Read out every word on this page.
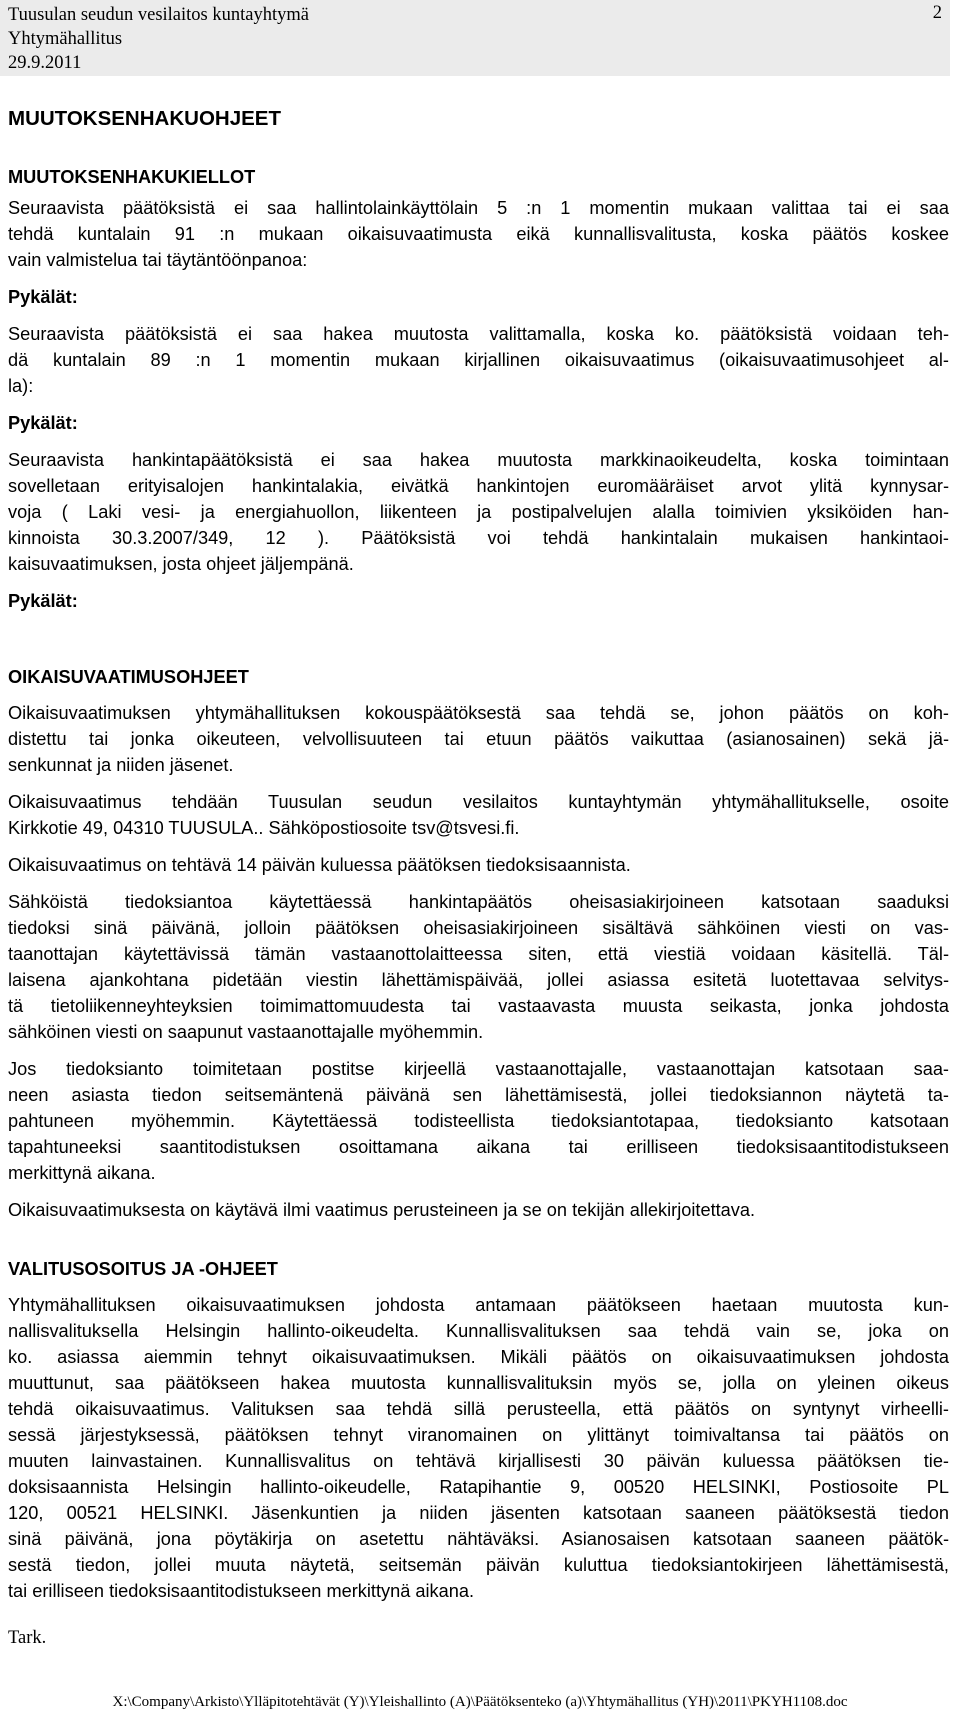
Tuusulan seudun vesilaitos kuntayhtymä
Yhtymähallitus
29.9.2011
2
MUUTOKSENHAKUOHJEET
MUUTOKSENHAKUKIELLOT
Seuraavista päätöksistä ei saa hallintolainkäyttölain 5 :n 1 momentin mukaan valittaa tai ei saa
tehdä kuntalain 91 :n mukaan oikaisuvaatimusta eikä kunnallisvalitusta, koska päätös koskee
vain valmistelua tai täytäntöönpanoa:
Pykälät:
Seuraavista päätöksistä ei saa hakea muutosta valittamalla, koska ko. päätöksistä voidaan teh-
dä kuntalain 89 :n 1 momentin mukaan kirjallinen oikaisuvaatimus (oikaisuvaatimusohjeet al-
la):
Pykälät:
Seuraavista hankintapäätöksistä ei saa hakea muutosta markkinaoikeudelta, koska toimintaan
sovelletaan erityisalojen hankintalakia, eivätkä hankintojen euromääräiset arvot ylitä kynnysar-
voja ( Laki vesi- ja energiahuollon, liikenteen ja postipalvelujen alalla toimivien yksiköiden han-
kinnoista 30.3.2007/349, 12 ). Päätöksistä voi tehdä hankintalain mukaisen hankintaoi-
kaisuvaatimuksen, josta ohjeet jäljempänä.
Pykälät:
OIKAISUVAATIMUSOHJEET
Oikaisuvaatimuksen yhtymähallituksen kokouspäätöksestä saa tehdä se, johon päätös on koh-
distettu tai jonka oikeuteen, velvollisuuteen tai etuun päätös vaikuttaa (asianosainen) sekä jä-
senkunnat ja niiden jäsenet.
Oikaisuvaatimus tehdään Tuusulan seudun vesilaitos kuntayhtymän yhtymähallitukselle, osoite
Kirkkotie 49, 04310 TUUSULA.. Sähköpostiosoite tsv@tsvesi.fi.
Oikaisuvaatimus on tehtävä 14 päivän kuluessa päätöksen tiedoksisaannista.
Sähköistä tiedoksiantoa käytettäessä hankintapäätös oheisasiakirjoineen katsotaan saaduksi
tiedoksi sinä päivänä, jolloin päätöksen oheisasiakirjoineen sisältävä sähköinen viesti on vas-
taanottajan käytettävissä tämän vastaanottolaitteessa siten, että viestiä voidaan käsitellä. Täl-
laisena ajankohtana pidetään viestin lähettämispäivää, jollei asiassa esitetä luotettavaa selvitys-
tä tietoliikenneyhteyksien toimimattomuudesta tai vastaavasta muusta seikasta, jonka johdosta
sähköinen viesti on saapunut vastaanottajalle myöhemmin.
Jos tiedoksianto toimitetaan postitse kirjeellä vastaanottajalle, vastaanottajan katsotaan saa-
neen asiasta tiedon seitsemäntenä päivänä sen lähettämisestä, jollei tiedoksiannon näytetä ta-
pahtuneen myöhemmin. Käytettäessä todisteellista tiedoksiantotapaa, tiedoksianto katsotaan
tapahtuneeksi saantitodistuksen osoittamana aikana tai erilliseen tiedoksisaantitodistukseen
merkittynä aikana.
Oikaisuvaatimuksesta on käytävä ilmi vaatimus perusteineen ja se on tekijän allekirjoitettava.
VALITUSOSOITUS JA -OHJEET
Yhtymähallituksen oikaisuvaatimuksen johdosta antamaan päätökseen haetaan muutosta kun-
nallisvalituksella Helsingin hallinto-oikeudelta. Kunnallisvalituksen saa tehdä vain se, joka on
ko. asiassa aiemmin tehnyt oikaisuvaatimuksen. Mikäli päätös on oikaisuvaatimuksen johdosta
muuttunut, saa päätökseen hakea muutosta kunnallisvalituksin myös se, jolla on yleinen oikeus
tehdä oikaisuvaatimus. Valituksen saa tehdä sillä perusteella, että päätös on syntynyt virheelli-
sessä järjestyksessä, päätöksen tehnyt viranomainen on ylittänyt toimivaltansa tai päätös on
muuten lainvastainen. Kunnallisvalitus on tehtävä kirjallisesti 30 päivän kuluessa päätöksen tie-
doksisaannista Helsingin hallinto-oikeudelle, Ratapihantie 9, 00520 HELSINKI, Postiosoite PL
120, 00521 HELSINKI. Jäsenkuntien ja niiden jäsenten katsotaan saaneen päätöksestä tiedon
sinä päivänä, jona pöytäkirja on asetettu nähtäväksi. Asianosaisen katsotaan saaneen päätök-
sestä tiedon, jollei muuta näytetä, seitsemän päivän kuluttua tiedoksiantokirjeen lähettämisestä,
tai erilliseen tiedoksisaantitodistukseen merkittynä aikana.
Tark.
X:\Company\Arkisto\Ylläpitotehtävät (Y)\Yleishallinto (A)\Päätöksenteko (a)\Yhtymähallitus (YH)\2011\PKYH1108.doc
